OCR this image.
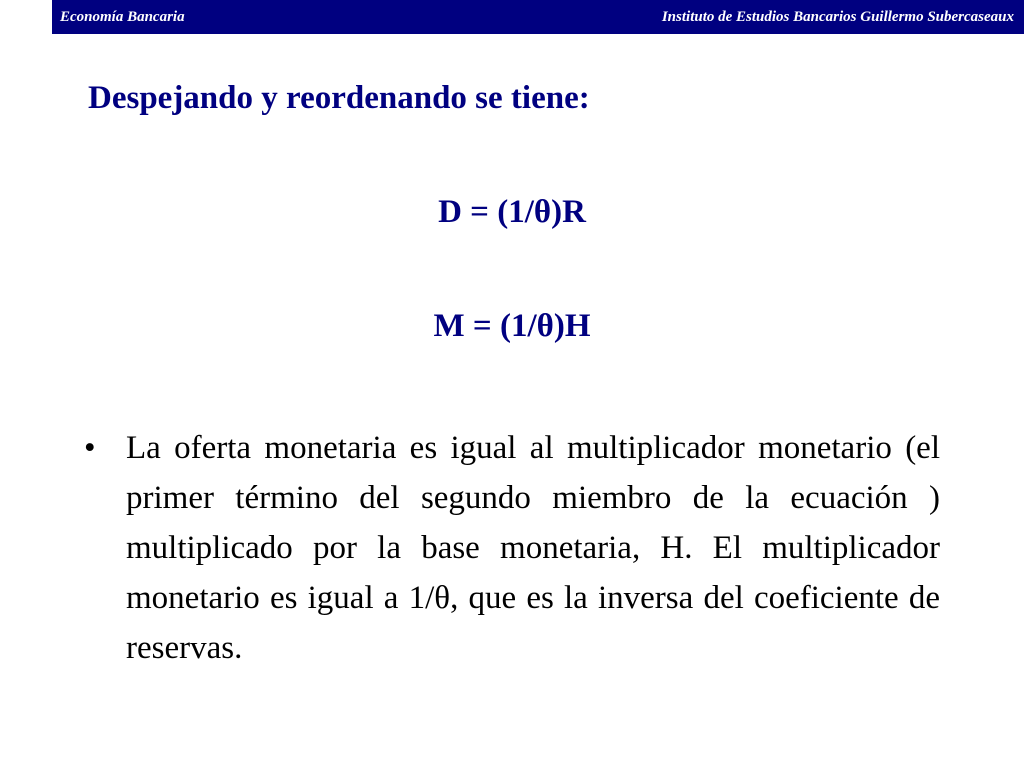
Economía Bancaria	Instituto de Estudios Bancarios Guillermo Subercaseaux
Despejando y reordenando se tiene:
D = (1/θ)R
M = (1/θ)H
• La oferta monetaria es igual al multiplicador monetario (el primer término del segundo miembro de la ecuación ) multiplicado por la base monetaria, H. El multiplicador monetario es igual a 1/θ, que es la inversa del coeficiente de reservas.
